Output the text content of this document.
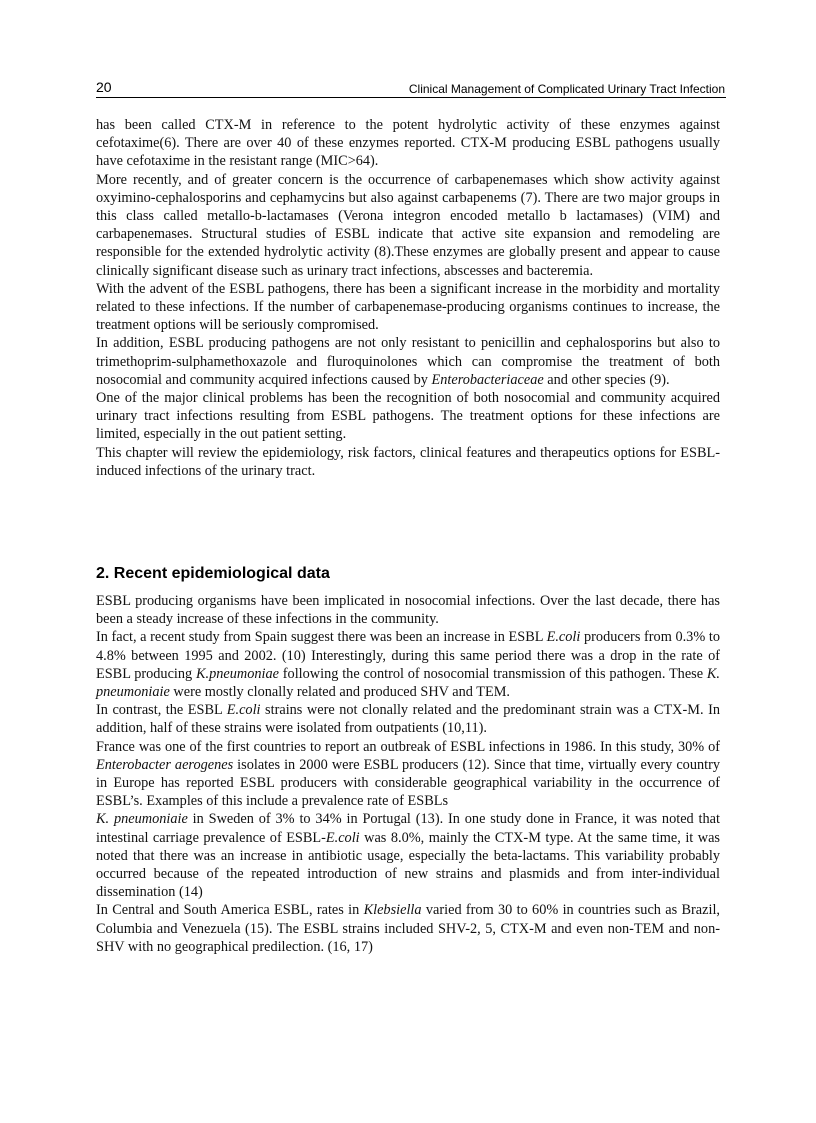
20	Clinical Management of Complicated Urinary Tract Infection

has been called CTX-M in reference to the potent hydrolytic activity of these enzymes against cefotaxime(6). There are over 40 of these enzymes reported. CTX-M producing ESBL pathogens usually have cefotaxime in the resistant range (MIC>64).

More recently, and of greater concern is the occurrence of carbapenemases which show activity against oxyimino-cephalosporins and cephamycins but also against carbapenems (7). There are two major groups in this class called metallo-b-lactamases (Verona integron encoded metallo b lactamases) (VIM) and carbapenemases. Structural studies of ESBL indicate that active site expansion and remodeling are responsible for the extended hydrolytic activity (8).These enzymes are globally present and appear to cause clinically significant disease such as urinary tract infections, abscesses and bacteremia.

With the advent of the ESBL pathogens, there has been a significant increase in the morbidity and mortality related to these infections. If the number of carbapenemase-producing organisms continues to increase, the treatment options will be seriously compromised.

In addition, ESBL producing pathogens are not only resistant to penicillin and cephalosporins but also to trimethoprim-sulphamethoxazole and fluroquinolones which can compromise the treatment of both nosocomial and community acquired infections caused by Enterobacteriaceae and other species (9).

One of the major clinical problems has been the recognition of both nosocomial and community acquired urinary tract infections resulting from ESBL pathogens. The treatment options for these infections are limited, especially in the out patient setting.

This chapter will review the epidemiology, risk factors, clinical features and therapeutics options for ESBL-induced infections of the urinary tract.

2. Recent epidemiological data

ESBL producing organisms have been implicated in nosocomial infections. Over the last decade, there has been a steady increase of these infections in the community.

In fact, a recent study from Spain suggest there was been an increase in ESBL E.coli producers from 0.3% to 4.8% between 1995 and 2002. (10) Interestingly, during this same period there was a drop in the rate of ESBL producing K.pneumoniae following the control of nosocomial transmission of this pathogen. These K. pneumoniaie were mostly clonally related and produced SHV and TEM.

In contrast, the ESBL E.coli strains were not clonally related and the predominant strain was a CTX-M. In addition, half of these strains were isolated from outpatients (10,11).

France was one of the first countries to report an outbreak of ESBL infections in 1986. In this study, 30% of Enterobacter aerogenes isolates in 2000 were ESBL producers (12). Since that time, virtually every country in Europe has reported ESBL producers with considerable geographical variability in the occurrence of ESBL’s. Examples of this include a prevalence rate of ESBLs

K. pneumoniaie in Sweden of 3% to 34% in Portugal (13). In one study done in France, it was noted that intestinal carriage prevalence of ESBL-E.coli was 8.0%, mainly the CTX-M type. At the same time, it was noted that there was an increase in antibiotic usage, especially the beta-lactams. This variability probably occurred because of the repeated introduction of new strains and plasmids and from inter-individual dissemination (14)

In Central and South America ESBL, rates in Klebsiella varied from 30 to 60% in countries such as Brazil, Columbia and Venezuela (15). The ESBL strains included SHV-2, 5, CTX-M and even non-TEM and non-SHV with no geographical predilection. (16, 17)
